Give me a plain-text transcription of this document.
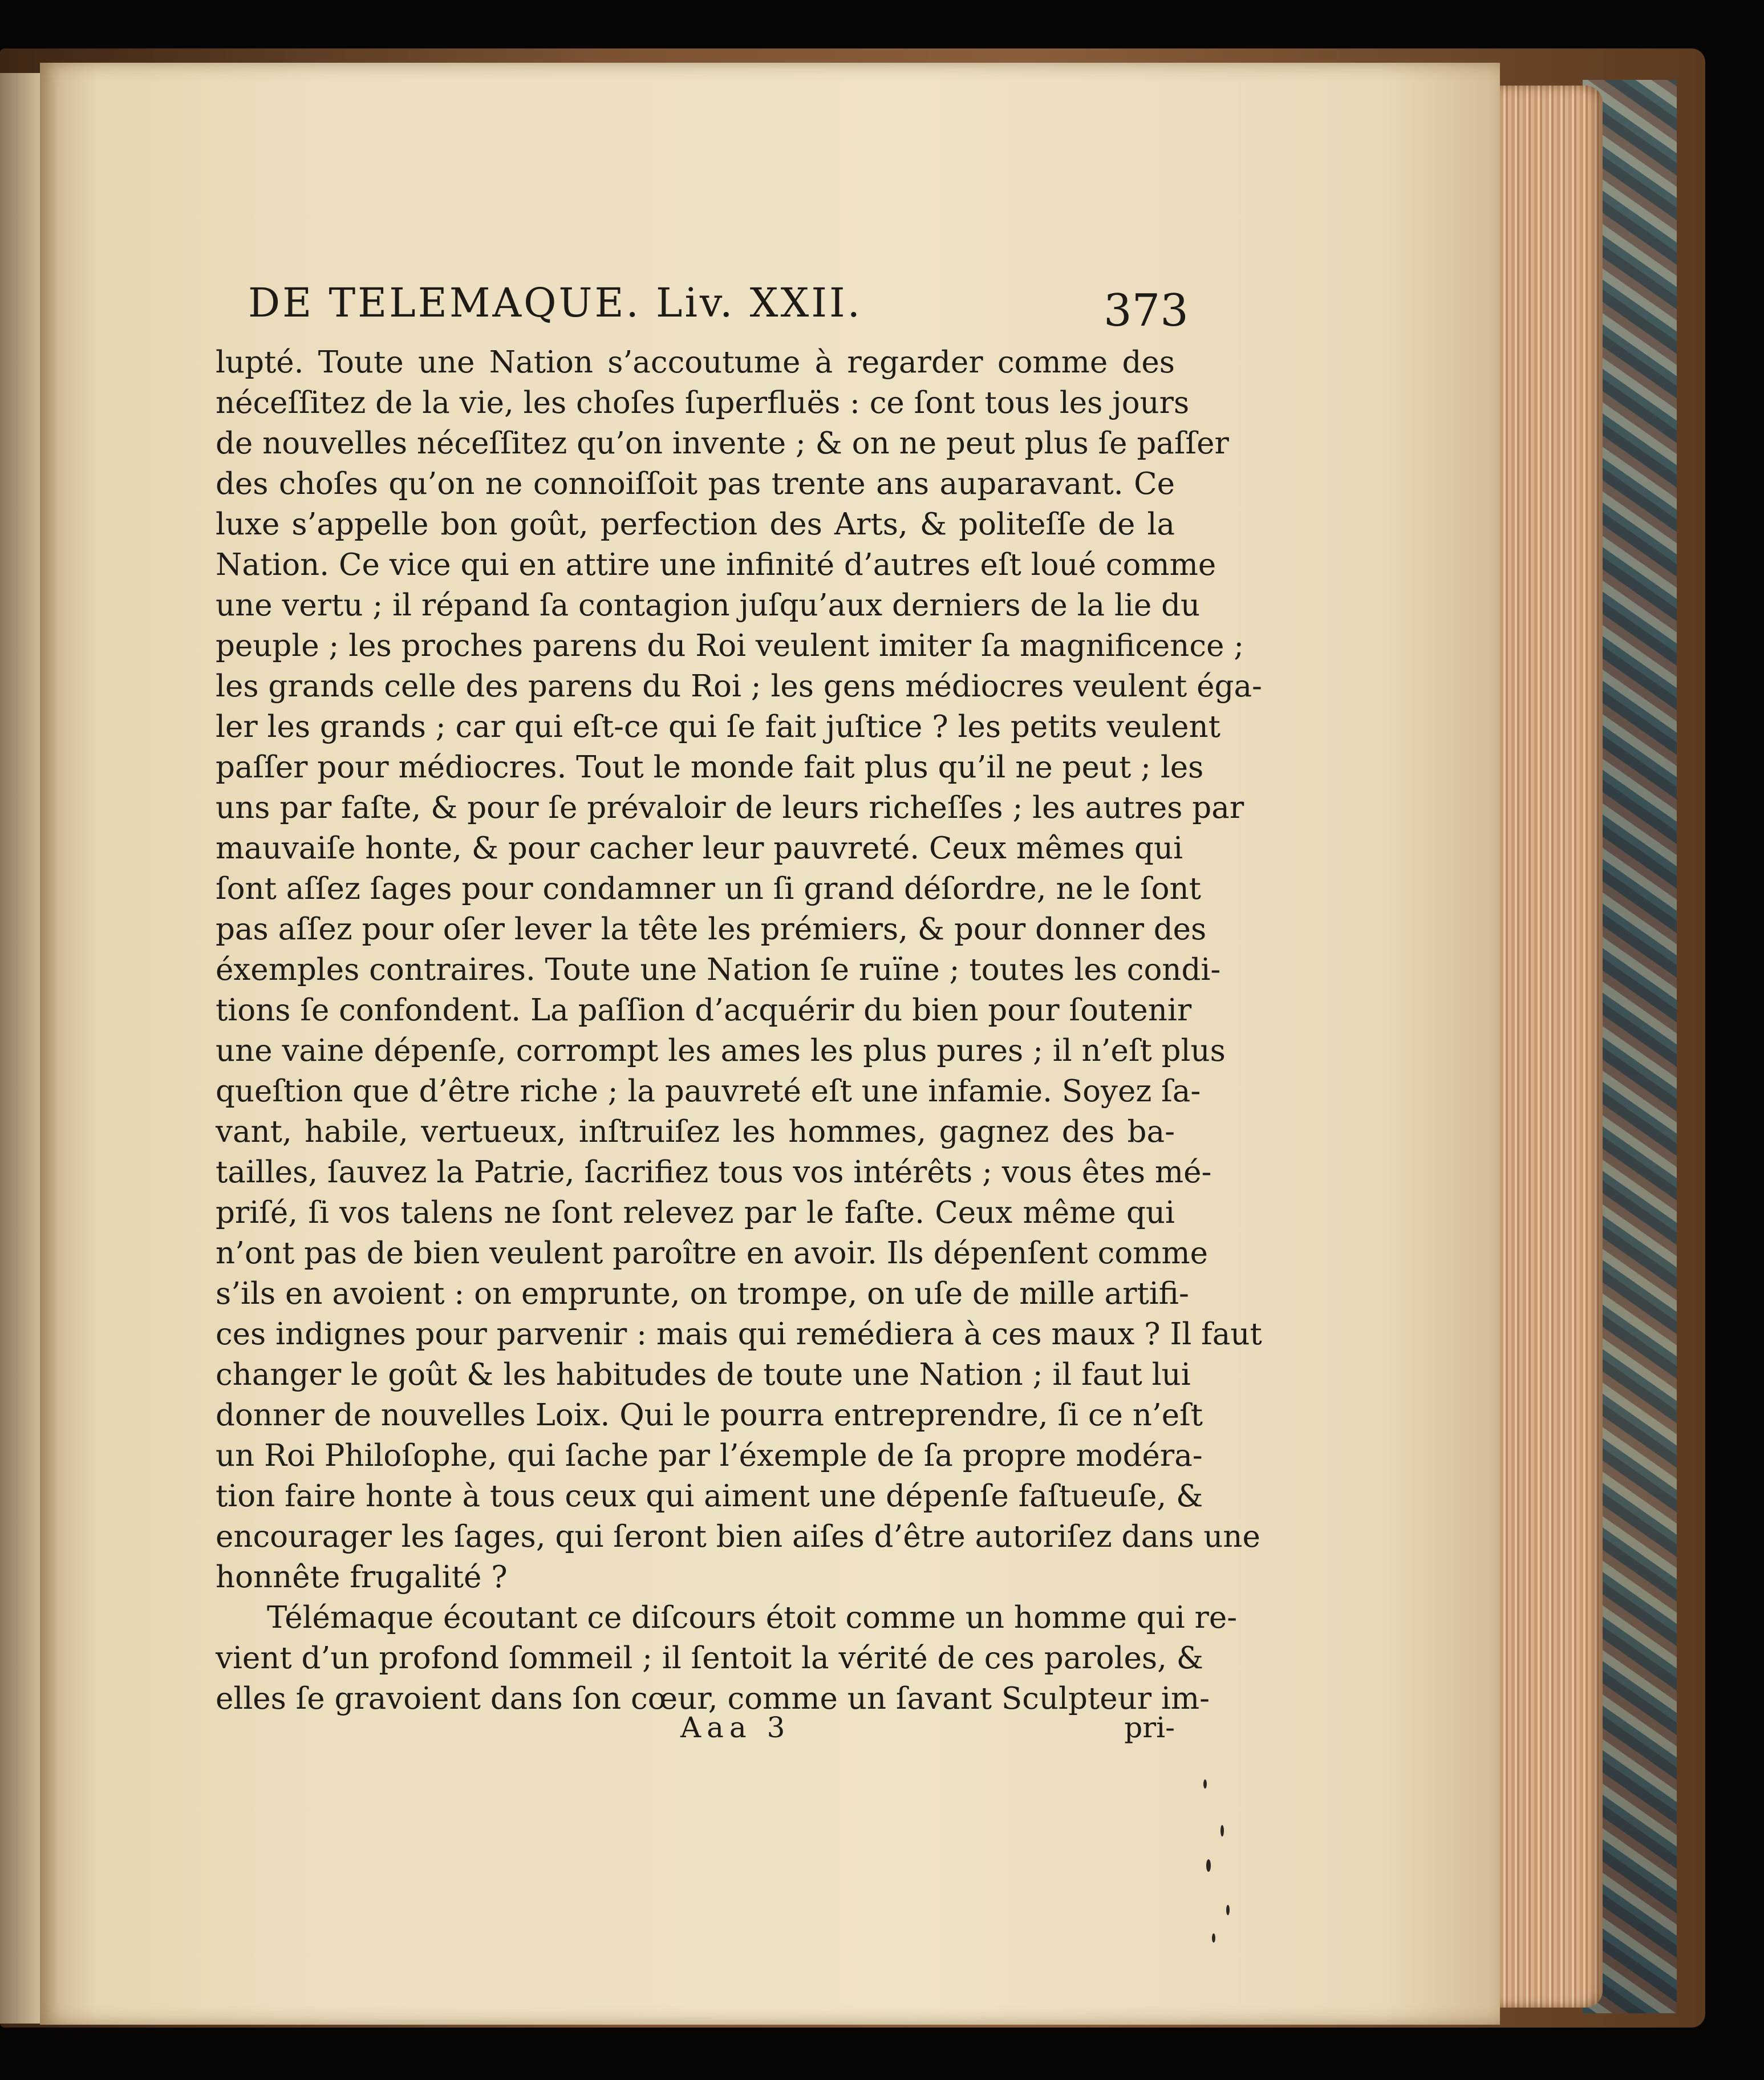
DE TELEMAQUE. Liv. XXII.	373
lupté. Toute une Nation s’accoutume à regarder comme des
néceſſitez de la vie, les choſes ſuperfluës : ce ſont tous les jours
de nouvelles néceſſitez qu’on invente ; & on ne peut plus ſe paſſer
des choſes qu’on ne connoiſſoit pas trente ans auparavant. Ce
luxe s’appelle bon goût, perfection des Arts, & politeſſe de la
Nation. Ce vice qui en attire une infinité d’autres eſt loué comme
une vertu ; il répand ſa contagion juſqu’aux derniers de la lie du
peuple ; les proches parens du Roi veulent imiter ſa magnificence ;
les grands celle des parens du Roi ; les gens médiocres veulent éga-
ler les grands ; car qui eſt-ce qui ſe fait juſtice ? les petits veulent
paſſer pour médiocres. Tout le monde fait plus qu’il ne peut ; les
uns par faſte, & pour ſe prévaloir de leurs richeſſes ; les autres par
mauvaiſe honte, & pour cacher leur pauvreté. Ceux mêmes qui
ſont aſſez ſages pour condamner un ſi grand déſordre, ne le ſont
pas aſſez pour oſer lever la tête les prémiers, & pour donner des
éxemples contraires. Toute une Nation ſe ruïne ; toutes les condi-
tions ſe confondent. La paſſion d’acquérir du bien pour ſoutenir
une vaine dépenſe, corrompt les ames les plus pures ; il n’eſt plus
queſtion que d’être riche ; la pauvreté eſt une infamie. Soyez ſa-
vant, habile, vertueux, inſtruiſez les hommes, gagnez des ba-
tailles, ſauvez la Patrie, ſacrifiez tous vos intérêts ; vous êtes mé-
priſé, ſi vos talens ne ſont relevez par le faſte. Ceux même qui
n’ont pas de bien veulent paroître en avoir. Ils dépenſent comme
s’ils en avoient : on emprunte, on trompe, on uſe de mille artifi-
ces indignes pour parvenir : mais qui remédiera à ces maux ? Il faut
changer le goût & les habitudes de toute une Nation ; il faut lui
donner de nouvelles Loix. Qui le pourra entreprendre, ſi ce n’eſt
un Roi Philoſophe, qui ſache par l’éxemple de ſa propre modéra-
tion faire honte à tous ceux qui aiment une dépenſe faſtueuſe, &
encourager les ſages, qui ſeront bien aiſes d’être autoriſez dans une
honnête frugalité ?
Télémaque écoutant ce diſcours étoit comme un homme qui re-
vient d’un profond ſommeil ; il ſentoit la vérité de ces paroles, &
elles ſe gravoient dans ſon cœur, comme un ſavant Sculpteur im-
Aaa 3	pri-
